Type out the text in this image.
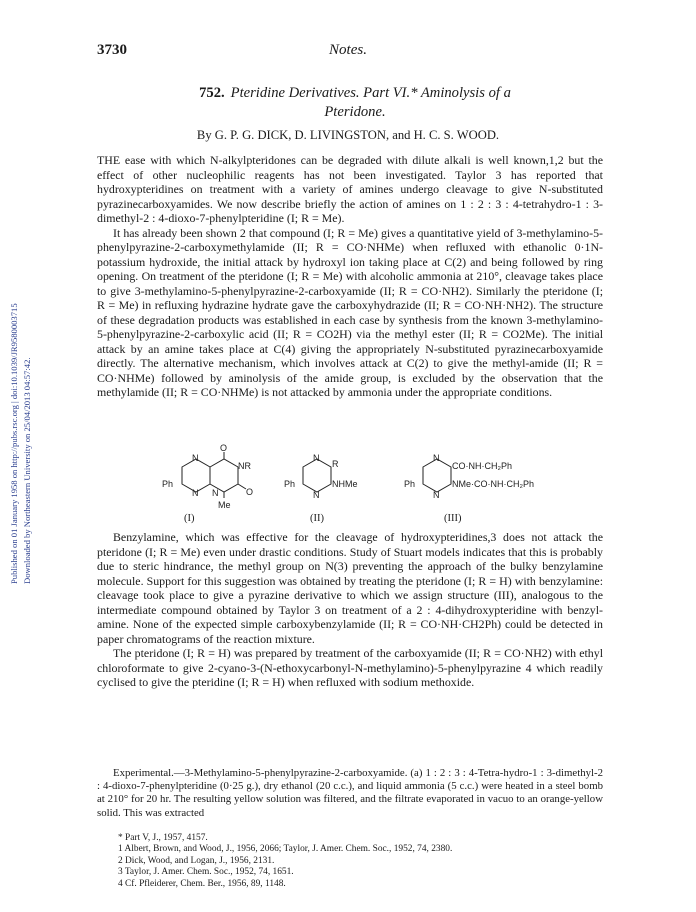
Published on 01 January 1958 on http://pubs.rsc.org | doi:10.1039/JR9580003715 Downloaded by Northeastern University on 25/04/2013 04:57:42.
3730	Notes.
752. Pteridine Derivatives. Part VI.* Aminolysis of a
Pteridone.
By G. P. G. DICK, D. LIVINGSTON, and H. C. S. WOOD.

THE ease with which N-alkylpteridones can be degraded with dilute alkali is well known,1,2 but the effect of other nucleophilic reagents has not been investigated. Taylor 3 has reported that hydroxypteridines on treatment with a variety of amines undergo cleavage to give N-substituted pyrazinecarboxyamides. We now describe briefly the action of amines on 1 : 2 : 3 : 4-tetrahydro-1 : 3-dimethyl-2 : 4-dioxo-7-phenylpteridine (I; R = Me).

It has already been shown 2 that compound (I; R = Me) gives a quantitative yield of 3-methylamino-5-phenylpyrazine-2-carboxymethylamide (II; R = CO·NHMe) when refluxed with ethanolic 0·1N-potassium hydroxide, the initial attack by hydroxyl ion taking place at C(2) and being followed by ring opening. On treatment of the pteridone (I; R = Me) with alcoholic ammonia at 210°, cleavage takes place to give 3-methylamino-5-phenylpyrazine-2-carboxyamide (II; R = CO·NH2). Similarly the pteridone (I; R = Me) in refluxing hydrazine hydrate gave the carboxyhydrazide (II; R = CO·NH·NH2). The structure of these degradation products was established in each case by synthesis from the known 3-methylamino-5-phenylpyrazine-2-carboxylic acid (II; R = CO2H) via the methyl ester (II; R = CO2Me). The initial attack by an amine takes place at C(4) giving the appropriately N-substituted pyrazinecarboxyamide directly. The alternative mechanism, which involves attack at C(2) to give the methyl-amide (II; R = CO·NHMe) followed by aminolysis of the amide group, is excluded by the observation that the methylamide (II; R = CO·NHMe) is not attacked by ammonia under the appropriate conditions.

O
N
NR
Ph
N N	O
Me
(I)
N
R
Ph
N
NHMe
(II)
N
CO·NH·CH₂Ph
Ph
N
NMe·CO·NH·CH₂Ph
(III)

Benzylamine, which was effective for the cleavage of hydroxypteridines,3 does not attack the pteridone (I; R = Me) even under drastic conditions. Study of Stuart models indicates that this is probably due to steric hindrance, the methyl group on N(3) preventing the approach of the bulky benzylamine molecule. Support for this suggestion was obtained by treating the pteridone (I; R = H) with benzylamine: cleavage took place to give a pyrazine derivative to which we assign structure (III), analogous to the intermediate compound obtained by Taylor 3 on treatment of a 2 : 4-dihydroxypteridine with benzyl-amine. None of the expected simple carboxybenzylamide (II; R = CO·NH·CH2Ph) could be detected in paper chromatograms of the reaction mixture.

The pteridone (I; R = H) was prepared by treatment of the carboxyamide (II; R = CO·NH2) with ethyl chloroformate to give 2-cyano-3-(N-ethoxycarbonyl-N-methylamino)-5-phenylpyrazine 4 which readily cyclised to give the pteridine (I; R = H) when refluxed with sodium methoxide.

Experimental.—3-Methylamino-5-phenylpyrazine-2-carboxyamide. (a) 1 : 2 : 3 : 4-Tetra-hydro-1 : 3-dimethyl-2 : 4-dioxo-7-phenylpteridine (0·25 g.), dry ethanol (20 c.c.), and liquid ammonia (5 c.c.) were heated in a steel bomb at 210° for 20 hr. The resulting yellow solution was filtered, and the filtrate evaporated in vacuo to an orange-yellow solid. This was extracted

* Part V, J., 1957, 4157.
1 Albert, Brown, and Wood, J., 1956, 2066; Taylor, J. Amer. Chem. Soc., 1952, 74, 2380.
2 Dick, Wood, and Logan, J., 1956, 2131.
3 Taylor, J. Amer. Chem. Soc., 1952, 74, 1651.
4 Cf. Pfleiderer, Chem. Ber., 1956, 89, 1148.
